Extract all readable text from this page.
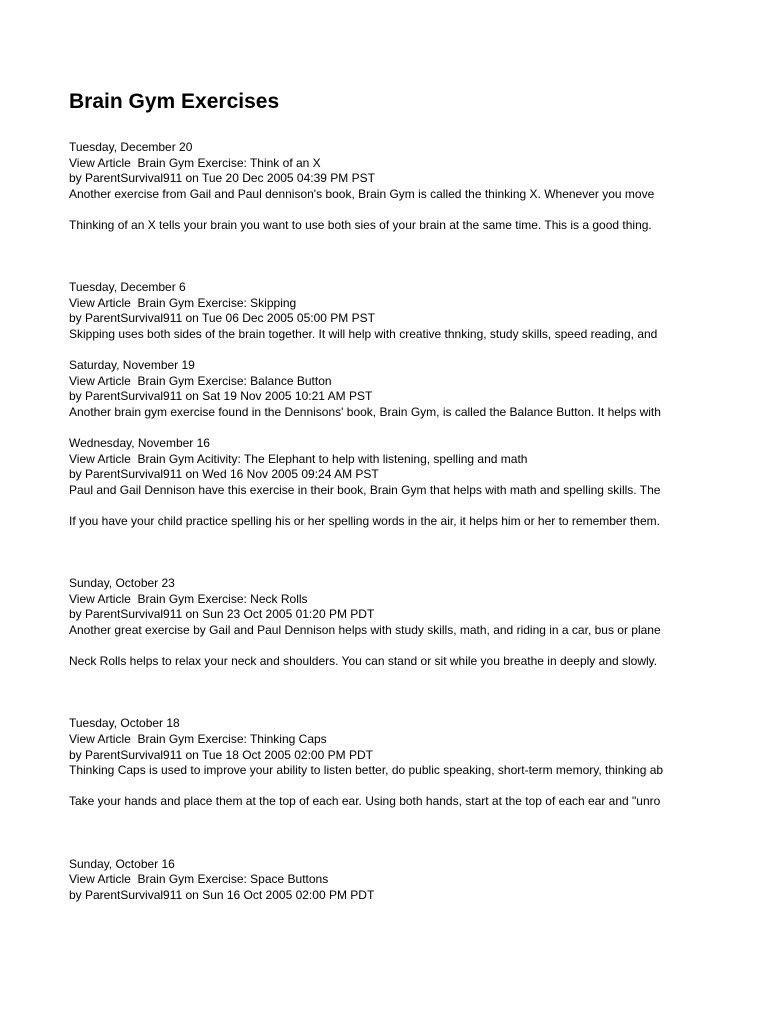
Brain Gym Exercises
Tuesday, December 20
View Article Brain Gym Exercise: Think of an X
by ParentSurvival911 on Tue 20 Dec 2005 04:39 PM PST
Another exercise from Gail and Paul dennison's book, Brain Gym is called the thinking X. Whenever you move
Thinking of an X tells your brain you want to use both sies of your brain at the same time. This is a good thing.
Tuesday, December 6
View Article Brain Gym Exercise: Skipping
by ParentSurvival911 on Tue 06 Dec 2005 05:00 PM PST
Skipping uses both sides of the brain together. It will help with creative thnking, study skills, speed reading, and
Saturday, November 19
View Article Brain Gym Exercise: Balance Button
by ParentSurvival911 on Sat 19 Nov 2005 10:21 AM PST
Another brain gym exercise found in the Dennisons' book, Brain Gym, is called the Balance Button. It helps with
Wednesday, November 16
View Article Brain Gym Acitivity: The Elephant to help with listening, spelling and math
by ParentSurvival911 on Wed 16 Nov 2005 09:24 AM PST
Paul and Gail Dennison have this exercise in their book, Brain Gym that helps with math and spelling skills. The
If you have your child practice spelling his or her spelling words in the air, it helps him or her to remember them.
Sunday, October 23
View Article Brain Gym Exercise: Neck Rolls
by ParentSurvival911 on Sun 23 Oct 2005 01:20 PM PDT
Another great exercise by Gail and Paul Dennison helps with study skills, math, and riding in a car, bus or plane
Neck Rolls helps to relax your neck and shoulders. You can stand or sit while you breathe in deeply and slowly.
Tuesday, October 18
View Article Brain Gym Exercise: Thinking Caps
by ParentSurvival911 on Tue 18 Oct 2005 02:00 PM PDT
Thinking Caps is used to improve your ability to listen better, do public speaking, short-term memory, thinking ab
Take your hands and place them at the top of each ear. Using both hands, start at the top of each ear and "unro
Sunday, October 16
View Article Brain Gym Exercise: Space Buttons
by ParentSurvival911 on Sun 16 Oct 2005 02:00 PM PDT
